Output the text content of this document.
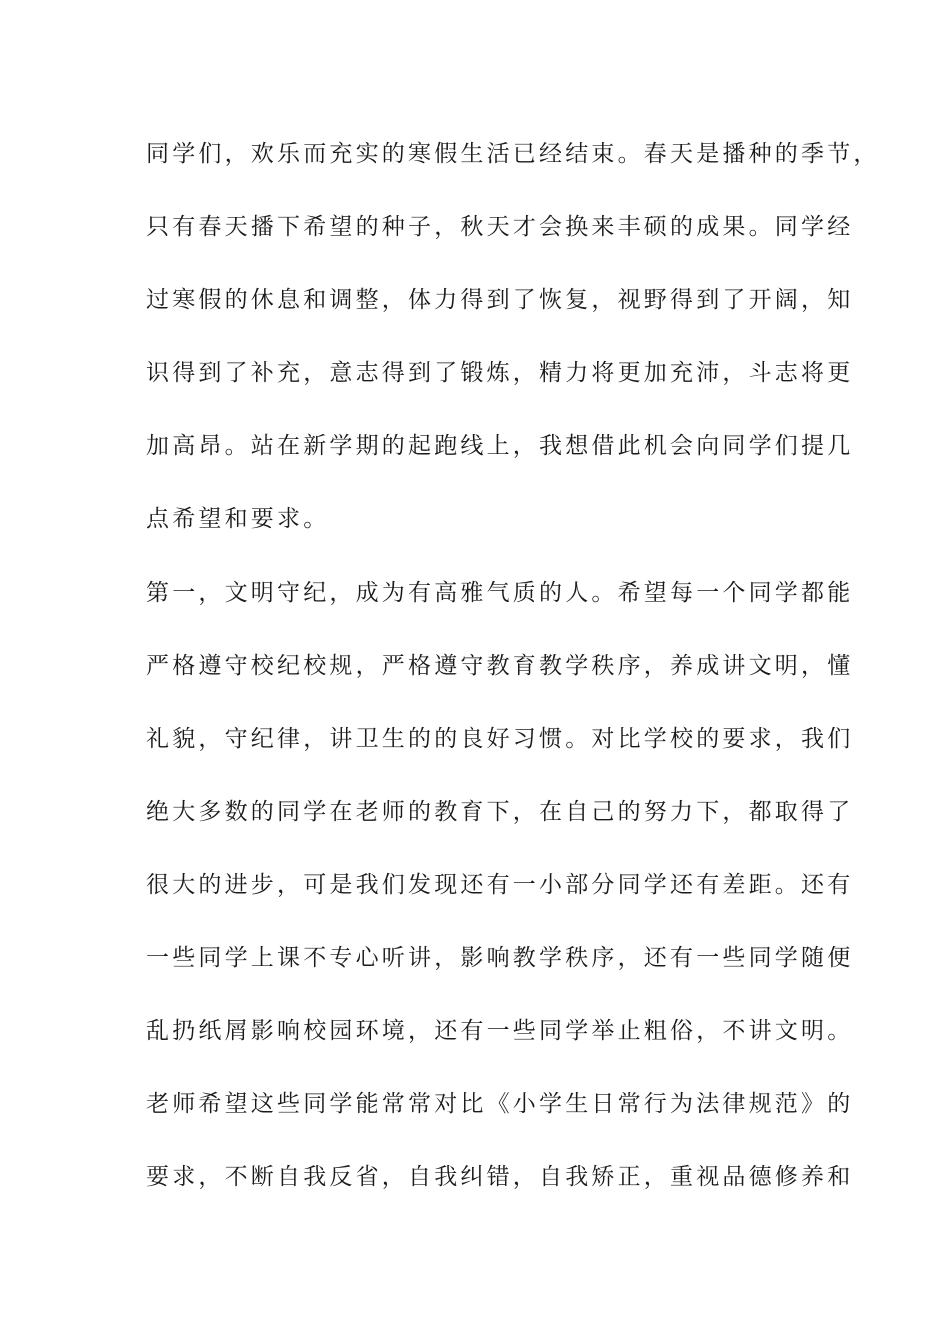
同学们，欢乐而充实的寒假生活已经结束。春天是播种的季节，
只有春天播下希望的种子，秋天才会换来丰硕的成果。同学经
过寒假的休息和调整，体力得到了恢复，视野得到了开阔，知
识得到了补充，意志得到了锻炼，精力将更加充沛，斗志将更
加高昂。站在新学期的起跑线上，我想借此机会向同学们提几
点希望和要求。
第一，文明守纪，成为有高雅气质的人。希望每一个同学都能
严格遵守校纪校规，严格遵守教育教学秩序，养成讲文明，懂
礼貌，守纪律，讲卫生的的良好习惯。对比学校的要求，我们
绝大多数的同学在老师的教育下，在自己的努力下，都取得了
很大的进步，可是我们发现还有一小部分同学还有差距。还有
一些同学上课不专心听讲，影响教学秩序，还有一些同学随便
乱扔纸屑影响校园环境，还有一些同学举止粗俗，不讲文明。
老师希望这些同学能常常对比《小学生日常行为法律规范》的
要求，不断自我反省，自我纠错，自我矫正，重视品德修养和
